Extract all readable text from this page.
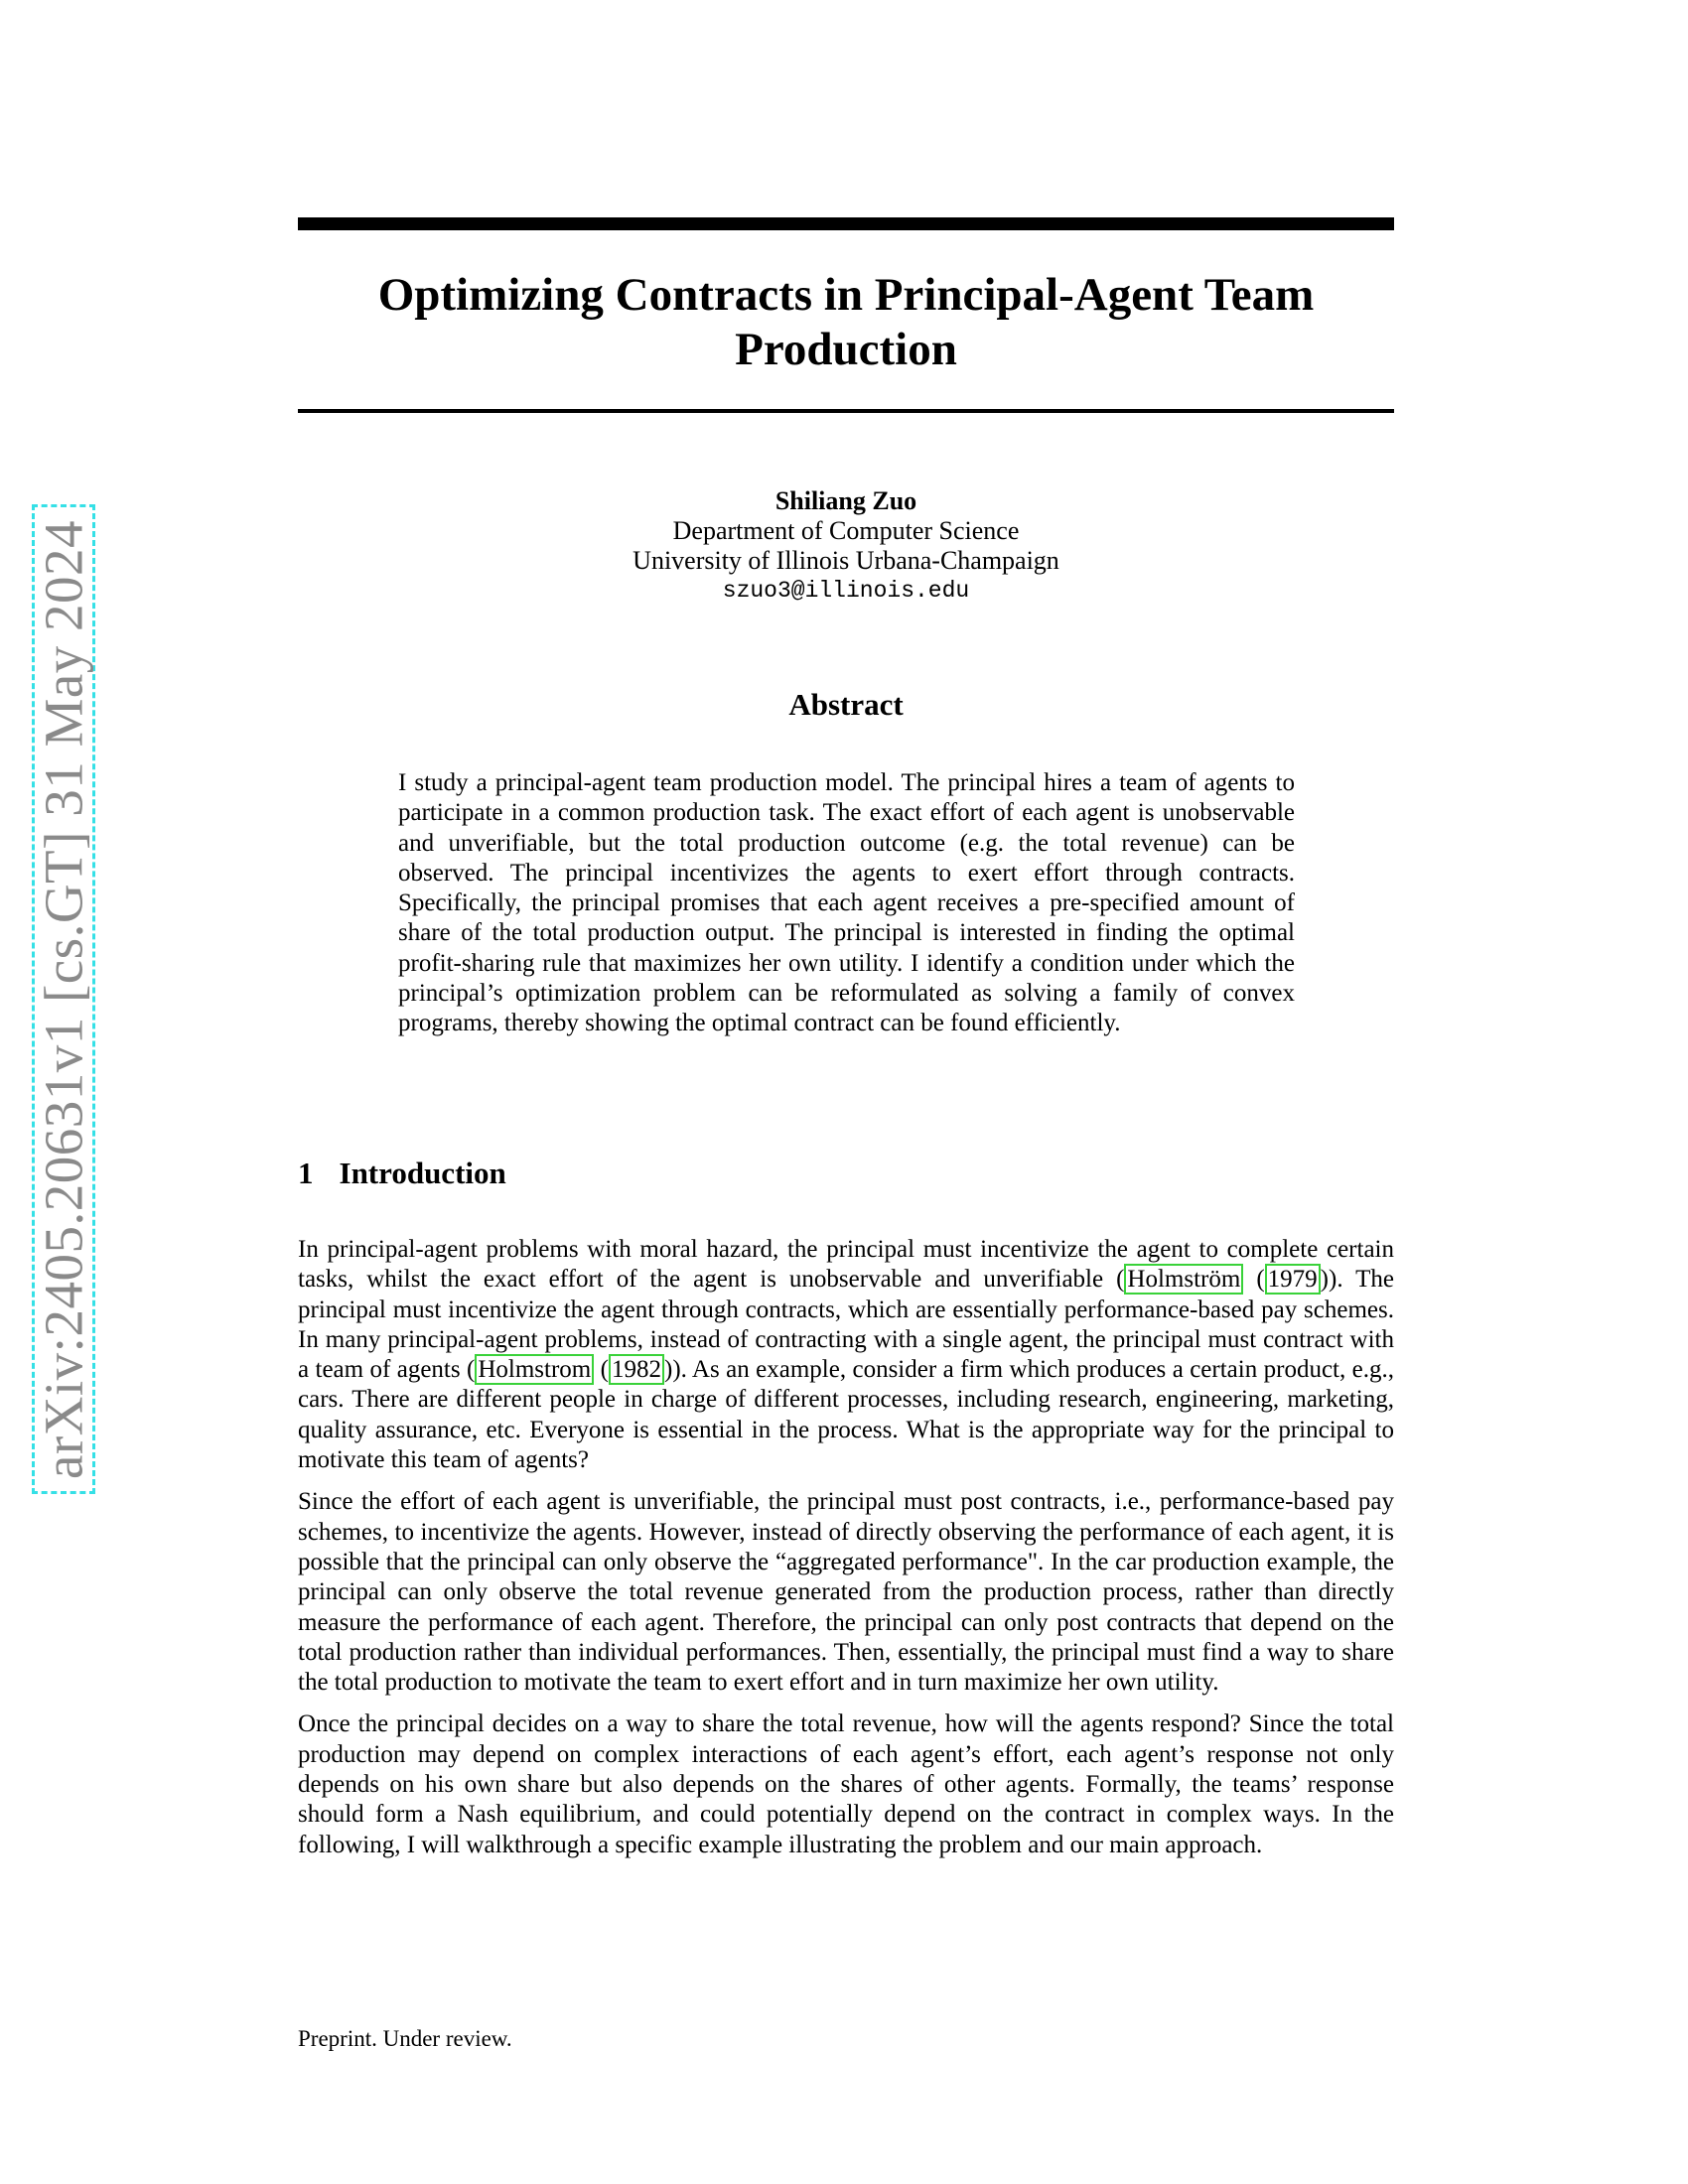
arXiv:2405.20631v1 [cs.GT] 31 May 2024
Optimizing Contracts in Principal-Agent Team Production
Shiliang Zuo
Department of Computer Science
University of Illinois Urbana-Champaign
szuo3@illinois.edu
Abstract
I study a principal-agent team production model. The principal hires a team of agents to participate in a common production task. The exact effort of each agent is unobservable and unverifiable, but the total production outcome (e.g. the total revenue) can be observed. The principal incentivizes the agents to exert effort through contracts. Specifically, the principal promises that each agent receives a pre-specified amount of share of the total production output. The principal is interested in finding the optimal profit-sharing rule that maximizes her own utility. I identify a condition under which the principal’s optimization problem can be reformulated as solving a family of convex programs, thereby showing the optimal contract can be found efficiently.
1 Introduction

In principal-agent problems with moral hazard, the principal must incentivize the agent to complete certain tasks, whilst the exact effort of the agent is unobservable and unverifiable ( Holmström ( 1979 )). The principal must incentivize the agent through contracts, which are essentially performance-based pay schemes. In many principal-agent problems, instead of contracting with a single agent, the principal must contract with a team of agents ( Holmstrom ( 1982 )). As an example, consider a firm which produces a certain product, e.g., cars. There are different people in charge of different processes, including research, engineering, marketing, quality assurance, etc. Everyone is essential in the process. What is the appropriate way for the principal to motivate this team of agents?

Since the effort of each agent is unverifiable, the principal must post contracts, i.e., performance-based pay schemes, to incentivize the agents. However, instead of directly observing the performance of each agent, it is possible that the principal can only observe the “aggregated performance". In the car production example, the principal can only observe the total revenue generated from the production process, rather than directly measure the performance of each agent. Therefore, the principal can only post contracts that depend on the total production rather than individual performances. Then, essentially, the principal must find a way to share the total production to motivate the team to exert effort and in turn maximize her own utility.

Once the principal decides on a way to share the total revenue, how will the agents respond? Since the total production may depend on complex interactions of each agent’s effort, each agent’s response not only depends on his own share but also depends on the shares of other agents. Formally, the teams’ response should form a Nash equilibrium, and could potentially depend on the contract in complex ways. In the following, I will walkthrough a specific example illustrating the problem and our main approach.

Preprint. Under review.
